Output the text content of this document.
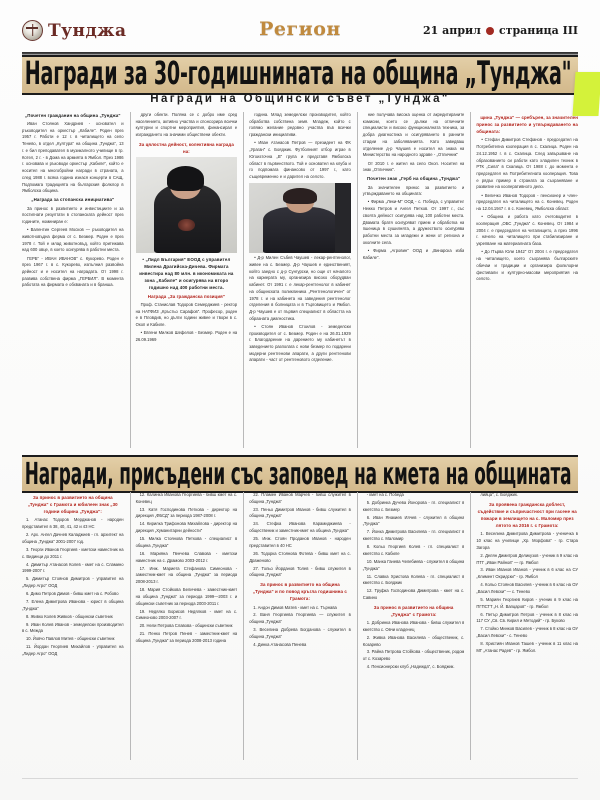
Тунджа	Регион	21 април страница III
Награди за 30-годишнината на община „Тунджа"
Награди на Общински съвет „Тунджа"

„Почетен гражданин на община „Тунджа"

Иван Стоянов Хандриев - основател и ръководител на оркестър „Кабиле". Роден през 1957 г. Работи е 12 г. в читалището на село Тенево, в отдел „Култура" на община „Тунджа", 13 г. е бил преподавател в музикалното училище в гр. Котел, 2 г. - в Дома на армията в Ямбол. През 1986 г. основава и ръководи оркестър „Кабиле", който е носител на многобройни награди в страната, а след 1988 г. всяка година изнася концерти в САЩ. Подпомага традицията на българския фолклор в Ямболска община.

„Награда за стопанска инициатива"

За принос в развитието и инвестициите и за постигнати резултати в стопанската дейност през годините, номиниран е:

• Валентин Сергеев Москов — ръководител на животновъдна ферма от с. Безмер. Роден е през 1978 г. Той е млад животновъд, който притежава над 600 овце, в което осигурява в работни места.

ГЕРБ" - ИВАН ИВАНОВ" с. Кукорево. Роден е през 1967 г. в с. Кукорево, изпълнил развойна дейност и е носител на наградата. От 1998 г. развива собствена фирма „ГЕРБИЛ". В момента работата на фирмата е обхваната и в бранша.

други обекти. Поляна се с добро име сред населението, активно участва и спонсорира всички културни и спортни мероприятия, финансирал е изграждането на значими обществени обекти.

За цялостна дейност, колективна награда на:

• „Лидл България" ЕООД с управител Милена Драгийска-Дичева. Фирмата инвестира над 80 млн. в икономиката на зона „Кабиле" и осигурява на второ годишно над 400 работни места.

Награда „За гражданска позиция"

Проф. Станислав Тодоров Семерджиев - ректор на НАТФИЗ „Кръстьо Сарафов". Професор, роден е в Пловдив, но дълги години живее и твори в с. Окоп и Кабиле.

• Евгени Милков Шефелов - Безмер. Роден е на 26.09.1969

година. Млад земеделски производител, който обработва собствена земя. Младеж, който с голямо желание редовно участва във всички граждански инициативи.

• Иван Атанасов Петров — президент на ФК „Ураган" с. Бояджик. Футболният отбор играе в Югоизточна „В" група и представя Ямболска област в първенството. Той е основател на клуба и го подпомага финансово от 1997 г., като същевременно е и дарител на селото.

• Д-р Милен Събев Чаушев - лекар-рентгенолог, живее на с. Безмер. Д-р Чаушев е единственият, който заедно с д-р Сунгурски, но още от началото на кариерата му, организира високо оборудван кабинет. От 1991 г. е лекар-рентгенолог в кабинет на общинската поликлиника „Рентгенологичен" от 1978 г. и на кабинета на заведения рентгенолог отделения в болницата и в Търговището и Ямбол. Д-р Чаушев е от първия специалист в областта на образната диагностика.

• Стоян Иванов Стоилов - земеделски производител от с. Безмер. Роден е на 26.01.1929 г. Благодарение на дарението му кабинетът в заведението разполага с нови безмер по подарени модерни рентгенови апарати, а други рентгенови апарати - част от рентгеновото отделение.

ние получава висока оценка от акредитираните комисии, което се дължи на отличните специалисти и високо функционалната техника, за добра диагностика и осигуряването в ранните стадии на заболяванията. Като заведващ отделение д-р Чаушев е носител на знака на Министерство на народното здраве - „Отличник"

От 2010 г. е жител на село Окоп. Носител на знак „Отличник".

Почетен знак „Герб на община „Тунджа"

За значителен принос за развитието и утвърждаването на общината:

• Фирма „Леки-М" ООД - с. Победа, с управител Нежко Петров и Ангел Петков. От 1997 г., със своята дейност осигурява над 100 работни места. Двамата братя осигуряват прием и обработка на пшеница в сушилнята, а дружеството осигурява работни места за младежи и жени от региона и околните села.

• Фирма „Агровин" ООД и „Винарска изба Кабиле".

щина „Тунджа" — сребърен, за значителен принос за развитието и утвърждаването на общината:

• Стефан Димитров Стефанов - председател на Потребителна кооперация в с. Скалица. Роден на 24.12.1952 г. в с. Скалица. След завършване на образованието си работи като хладилен техник в РТК „Сила" в Скалица. От 1988 г. до момента е председател на Потребителната кооперация. Това е рядък пример в страната за съхраняване и развитие на кооперативното дело.

• Величко Иванов Тодоров - пенсионер и член-председател на читалището на с. Коневец. Роден на 12.04.1947 г. в с. Коневец, Ямболска област.

• Община и работа като счетоводител в кооперация „ОБС „Тунджа" с. Коневец. От 1984 и 2004 г. е председател на читалището, а през 1996 г. начело на читалището при стабилизиране и укрепване на материалната база.

• До Първа Юли 1942" От 2004 г. е председател на читалището, което съхранява българските обичаи и традиции и организира фолклорни фестивали и културно-масови мероприятия на селото.

Награди, присъдени със заповед на кмета на общината

За принос в развитието на община „Тунджа" с Грамота и юбилеен знак „30 години община „Тунджа":

1. Атанас Тодоров Мерджанов - народен представител в 38, 40, 41, 42 и 43 НС

2. Арх. Ангел Дачнев Каладжиев - гл. архитект на община „Тунджа" 2001-2007 год.

3. Георги Иванов Георгиев - кметски наместник на с. Видинци до 2011 г.

4. Димитър Атанасов Колев - кмет на с. Сламино 1999-2007 г.

5. Димитър Стоянов Димитров - управител на „Лидер Агро" ООД

6. Димо Петров Димов - бивш кмет на с. Робово

7. Елена Димитрова Иванова - юрист в община „Тунджа"

8. Живко Колев Живков - общински съветник

9. Иван Колев Иванов - земеделски производител в с. Межда

10. Йовчо Павлов Митев - общински съветник

11. Йордан Георгиев Михайлов - управител на „Лидер Агро" ООД

12. Калинка Иванова Георгиева - бивш кмет на с. Коневец

13. Катя Господинова Петкова - директор на дирекция „ФБСД" за периода 1987-2008 г.

14. Кирилка Трифонова Михайлова - директор на дирекция „Хуманитарни дейности"

15. Милка Стоянова Петкова - специалист в община „Тунджа"

16. Марияна Пенчева Славова - кметски наместник на с. Драмово 2003-2012 г.

17. Инж. Мариета Стефанова Симеонова - заместник-кмет на община „Тунджа" за периода 2008-2013 г.

18. Мария Стойкова Беличева - заместник-кмет на община „Тунджа" за периода 1999—2003 г. и общински съветник за периода 2003-2011 г.

19. Недялко Борисов Недялков - кмет на с. Симеоново 2003-2007 г.

20. Нели Петрова Славова - общински съветник

21. Пенко Петров Пенев - заместник-кмет на община „Тунджа" за периода 2008-2013 година

22. Пламен Иванов Марчев - бивш служител в община „Тунджа"

23. Пеньо Димитров Иванов - бивш служител в община „Тунджа"

24. Стефка Иванова Карамиджиева - общественик и заместник-кмет на община „Тунджа"

25. Инж. Стоян Проданов Иванов - народен представител в 40 НС

26. Тодорка Стоянова Фотева - бивш кмет на с. Драженово

27. Тольо Йорданов Толев - бивш служител в община „Тунджа"

За принос в развитието на община „Тунджа" и по повод кръгла годишнина с Грамота:

1. Андон Димов Матев - кмет на с. Търнава

2. Ваня Георгиева Георгиева — служител в община „Тунджа"

3. Веселина Добрева Богданова - служител в община „Тунджа"

4. Динка Атанасова Пенева

- кмет на с. Победа

5. Добринка Дучева Йонорова - гл. специалист в кметство с. Безмер

6. Иван Янакиев Илчев - служител в община „Тунджа"

7. Йонка Димитрова Василева - гл. специалист в кметство с. Маломир

8. Кольо Георгиев Колев - гл. специалист в кметство с. Кабиле

10. Манка Ганева Челебиева - служител в община „Тунджа"

11. Славка Христова Колева - гл. специалист в кметство с. Бояджик

12. Труфка Господинова Димитрова - кмет на с. Савино

За принос в развитието на община „Тунджа" с Грамота:

1. Добринка Иванова Иванова - бивш служител в кметство с. Овчи кладенец

2. Живка Иванова Василева - общественик, с. Козарево

3. Райна Петрова Стоlikова - общественик, родом от с. Козарево

4. Пенсионерски клуб „Надежда", с. Бояджик.

лийца", с. Бояджик.

За проявена гражданска доблест, съдействие и съпричастност при гасене на пожари в землището на с. Маломир през лятото на 2016 г. с Грамота:

1. Веселина Димитрова Димитрова - ученичка в 10 клас на училище „Хр. Морфова" - гр. Стара Загора

2. Делян Димитров Деликузов - ученик в 9 клас на ПТГ „Иван Райнов" — гр. Ямбол

3. Иван Иванов Иванов - ученик в 6 клас на СУ „Климент Охридски" - гр. Ямбол

4. Кольо Стоянов Василев - ученик в 6 клас на ОУ „Васил Левски" — с. Тенево

5. Мариян Георгиев Киров - ученик в 9 клас на ПГПСТТ „Н. Й. Вапцаров" - гр. Ямбол

6. Петър Димитров Петров - ученик в 8 клас на 117 СУ „Св. Св. Кирил и Методий" - гр. Буково

7. Стойко Минков Василев - ученик в 8 клас на ОУ „Васил Левски" - с. Тенево

8. Християн Иванов Ташев - ученик в 11 клас на МГ „Атанас Радев" - гр. Ямбол.
